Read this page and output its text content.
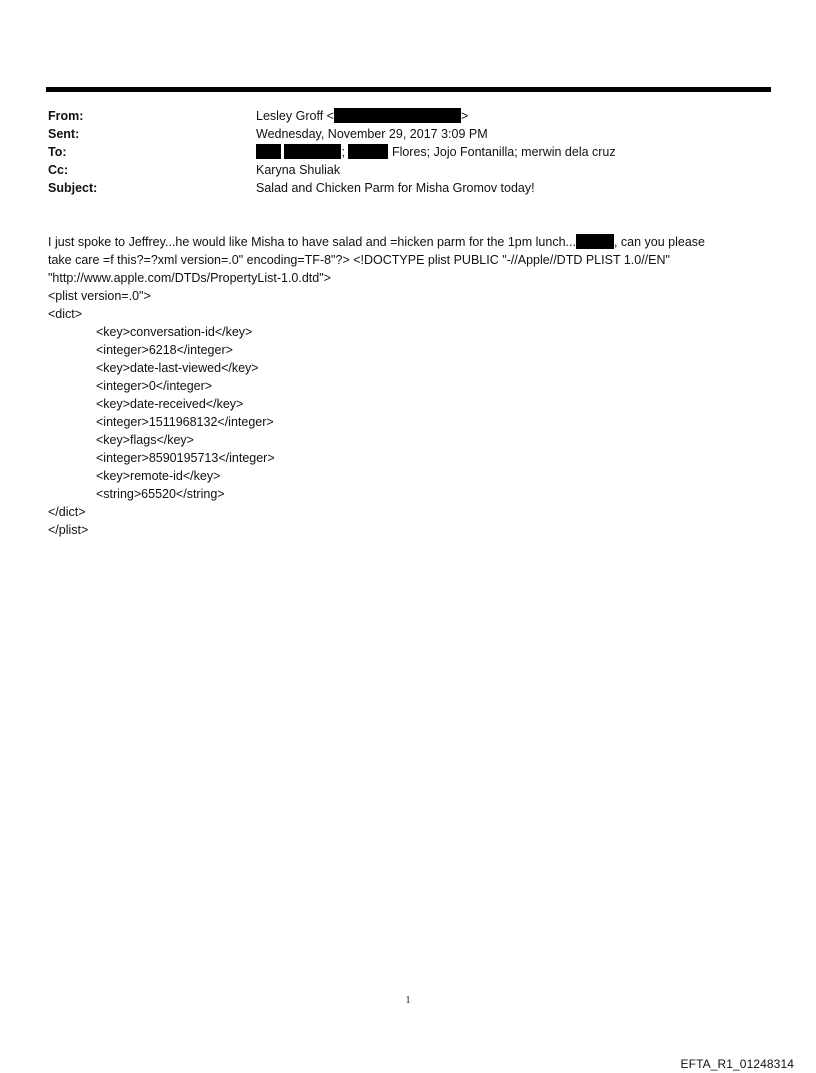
From:	Lesley Groff <	>
Sent:	Wednesday, November 29, 2017 3:09 PM
To:	;	Flores; Jojo Fontanilla; merwin dela cruz
Cc:	Karyna Shuliak
Subject:	Salad and Chicken Parm for Misha Gromov today!
I just spoke to Jeffrey...he would like Misha to have salad and =hicken parm for the 1pm lunch...	, can you please
take care =f this?=?xml version=.0" encoding=TF-8"?> <!DOCTYPE plist PUBLIC "-//Apple//DTD PLIST 1.0//EN"
"http://www.apple.com/DTDs/PropertyList-1.0.dtd">
<plist version=.0">
<dict>
<key>conversation-id</key>
<integer>6218</integer>
<key>date-last-viewed</key>
<integer>0</integer>
<key>date-received</key>
<integer>1511968132</integer>
<key>flags</key>
<integer>8590195713</integer>
<key>remote-id</key>
<string>65520</string>
</dict>
</plist>
1
EFTA_R1_01248314
